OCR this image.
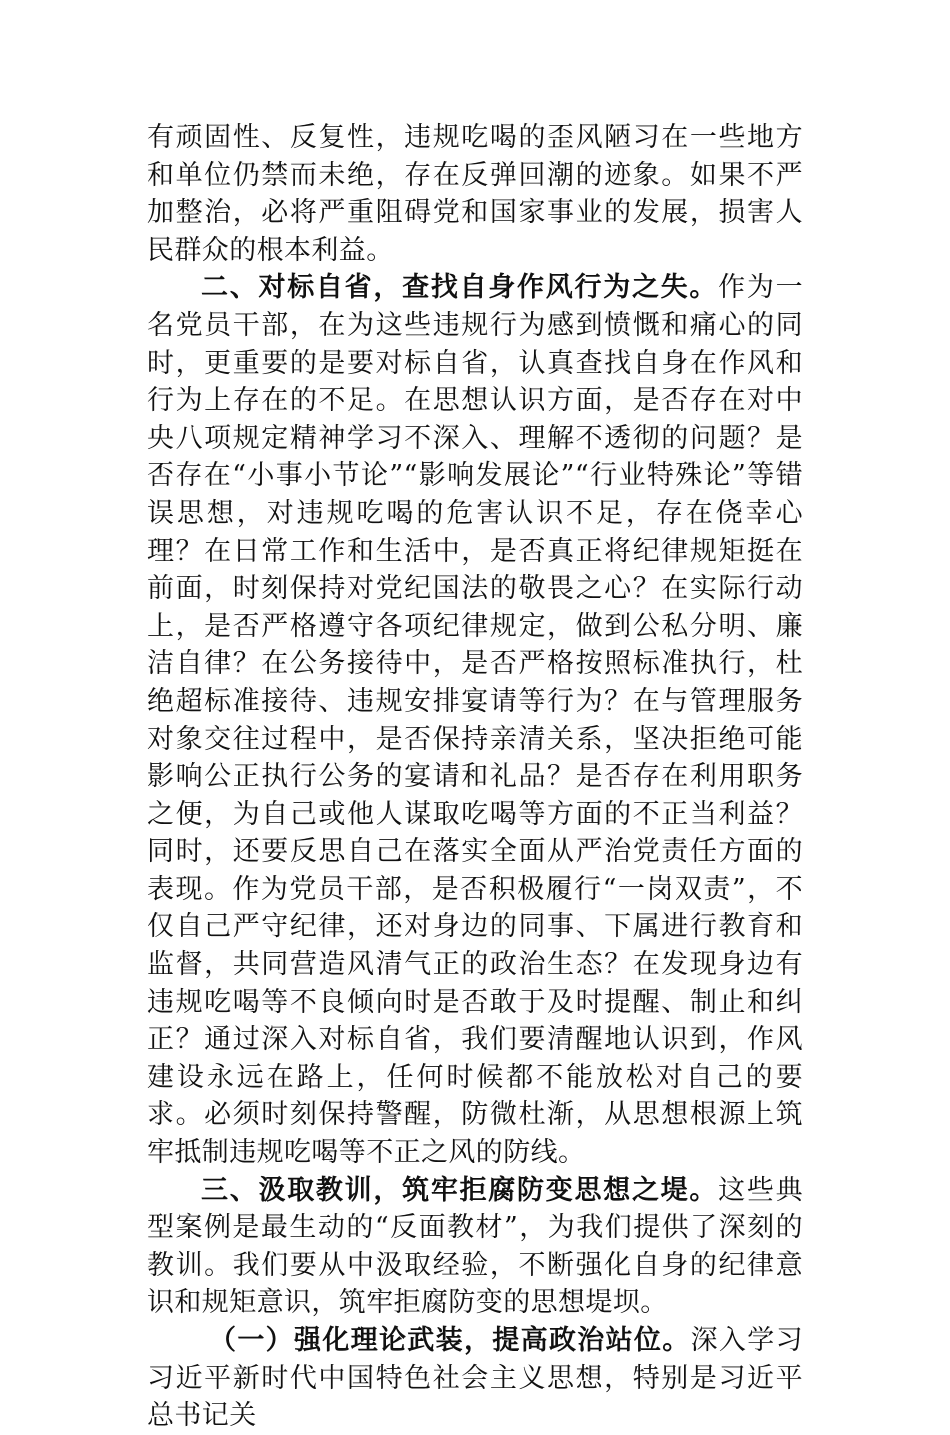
有顽固性、反复性，违规吃喝的歪风陋习在一些地方和单位仍禁而未绝，存在反弹回潮的迹象。如果不严加整治，必将严重阻碍党和国家事业的发展，损害人民群众的根本利益。

二、对标自省，查找自身作风行为之失。作为一名党员干部，在为这些违规行为感到愤慨和痛心的同时，更重要的是要对标自省，认真查找自身在作风和行为上存在的不足。在思想认识方面，是否存在对中央八项规定精神学习不深入、理解不透彻的问题？是否存在“小事小节论”“影响发展论”“行业特殊论”等错误思想，对违规吃喝的危害认识不足，存在侥幸心理？在日常工作和生活中，是否真正将纪律规矩挺在前面，时刻保持对党纪国法的敬畏之心？在实际行动上，是否严格遵守各项纪律规定，做到公私分明、廉洁自律？在公务接待中，是否严格按照标准执行，杜绝超标准接待、违规安排宴请等行为？在与管理服务对象交往过程中，是否保持亲清关系，坚决拒绝可能影响公正执行公务的宴请和礼品？是否存在利用职务之便，为自己或他人谋取吃喝等方面的不正当利益？同时，还要反思自己在落实全面从严治党责任方面的表现。作为党员干部，是否积极履行“一岗双责”，不仅自己严守纪律，还对身边的同事、下属进行教育和监督，共同营造风清气正的政治生态？在发现身边有违规吃喝等不良倾向时是否敢于及时提醒、制止和纠正？通过深入对标自省，我们要清醒地认识到，作风建设永远在路上，任何时候都不能放松对自己的要求。必须时刻保持警醒，防微杜渐，从思想根源上筑牢抵制违规吃喝等不正之风的防线。

三、汲取教训，筑牢拒腐防变思想之堤。这些典型案例是最生动的“反面教材”，为我们提供了深刻的教训。我们要从中汲取经验，不断强化自身的纪律意识和规矩意识，筑牢拒腐防变的思想堤坝。

（一）强化理论武装，提高政治站位。深入学习习近平新时代中国特色社会主义思想，特别是习近平总书记关
